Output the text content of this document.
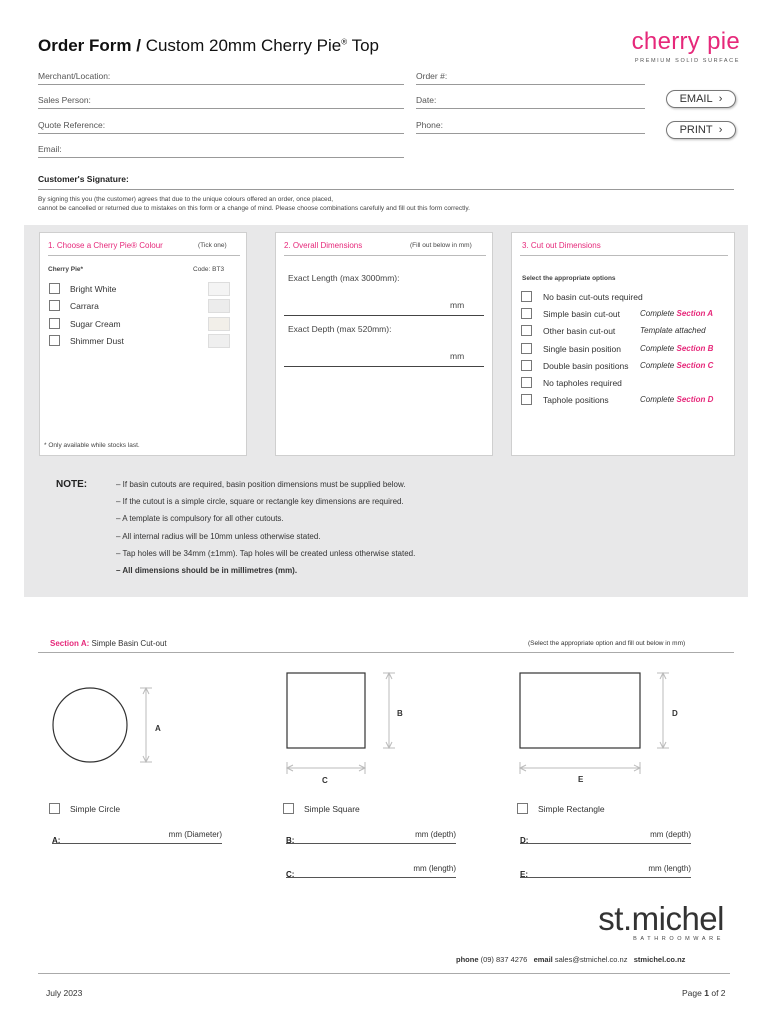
Order Form / Custom 20mm Cherry Pie® Top	cherry pie
PREMIUM SOLID SURFACE
Merchant/Location:	Order #:
Sales Person:	Date:
Quote Reference:	Phone:
Email:
EMAIL ›
PRINT ›
Customer's Signature:
By signing this you (the customer) agrees that due to the unique colours offered an order, once placed,
cannot be cancelled or returned due to mistakes on this form or a change of mind. Please choose combinations carefully and fill out this form correctly.
1. Choose a Cherry Pie® Colour	(Tick one)
Cherry Pie*	Code: BT3
* Only available while stocks last.
Bright White
Carrara
Sugar Cream
Shimmer Dust
2. Overall Dimensions	(Fill out below in mm)
Exact Length (max 3000mm):
mm
Exact Depth (max 520mm):
mm
3. Cut out Dimensions
Select the appropriate options
No basin cut-outs required
Simple basin cut-out Complete Section A
Other basin cut-out	Template attached
Single basin position Complete Section B
Double basin positions Complete Section C
No tapholes required
Taphole positions	Complete Section D
NOTE:	– If basin cutouts are required, basin position dimensions must be supplied below.
– If the cutout is a simple circle, square or rectangle key dimensions are required.
– A template is compulsory for all other cutouts.
– All internal radius will be 10mm unless otherwise stated.
– Tap holes will be 34mm (±1mm). Tap holes will be created unless otherwise stated.
– All dimensions should be in millimetres (mm).
Section A: Simple Basin Cut-out	(Select the appropriate option and fill out below in mm)
A
B
C
D
E
Simple Circle	Simple Square	Simple Rectangle
A:
mm (Diameter)
B:
mm (depth)
D:
mm (depth)
C:
mm (length)
E:
mm (length)
st.michel
BATHROOMWARE
phone (09) 837 4276 email sales@stmichel.co.nz stmichel.co.nz
July 2023	Page 1 of 2
